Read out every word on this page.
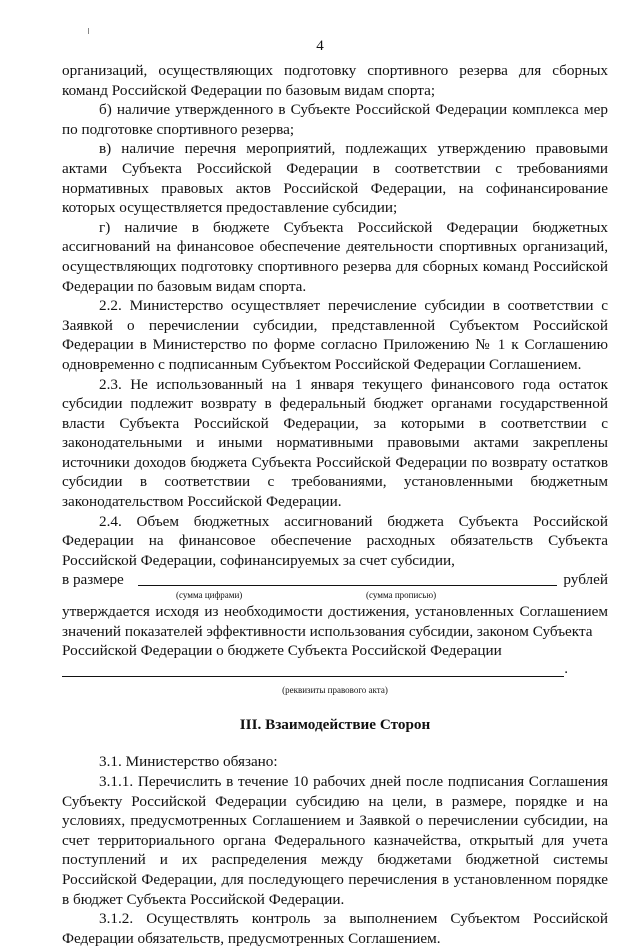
4

организаций, осуществляющих подготовку спортивного резерва для сборных команд Российской Федерации по базовым видам спорта;

б) наличие утвержденного в Субъекте Российской Федерации комплекса мер по подготовке спортивного резерва;

в) наличие перечня мероприятий, подлежащих утверждению правовыми актами Субъекта Российской Федерации в соответствии с требованиями нормативных правовых актов Российской Федерации, на софинансирование которых осуществляется предоставление субсидии;

г) наличие в бюджете Субъекта Российской Федерации бюджетных ассигнований на финансовое обеспечение деятельности спортивных организаций, осуществляющих подготовку спортивного резерва для сборных команд Российской Федерации по базовым видам спорта.

2.2. Министерство осуществляет перечисление субсидии в соответствии с Заявкой о перечислении субсидии, представленной Субъектом Российской Федерации в Министерство по форме согласно Приложению № 1 к Соглашению одновременно с подписанным Субъектом Российской Федерации Соглашением.

2.3. Не использованный на 1 января текущего финансового года остаток субсидии подлежит возврату в федеральный бюджет органами государственной власти Субъекта Российской Федерации, за которыми в соответствии с законодательными и иными нормативными правовыми актами закреплены источники доходов бюджета Субъекта Российской Федерации по возврату остатков субсидии в соответствии с требованиями, установленными бюджетным законодательством Российской Федерации.

2.4. Объем бюджетных ассигнований бюджета Субъекта Российской Федерации на финансовое обеспечение расходных обязательств Субъекта Российской Федерации, софинансируемых за счет субсидии,

в размере	рублей
(сумма цифрами)	(сумма прописью)

утверждается исходя из необходимости достижения, установленных Соглашением значений показателей эффективности использования субсидии, законом Субъекта

Российской Федерации о бюджете Субъекта Российской Федерации

.
(реквизиты правового акта)

III. Взаимодействие Сторон

3.1. Министерство обязано:

3.1.1. Перечислить в течение 10 рабочих дней после подписания Соглашения Субъекту Российской Федерации субсидию на цели, в размере, порядке и на условиях, предусмотренных Соглашением и Заявкой о перечислении субсидии, на счет территориального органа Федерального казначейства, открытый для учета поступлений и их распределения между бюджетами бюджетной системы Российской Федерации, для последующего перечисления в установленном порядке в бюджет Субъекта Российской Федерации.

3.1.2. Осуществлять контроль за выполнением Субъектом Российской Федерации обязательств, предусмотренных Соглашением.
